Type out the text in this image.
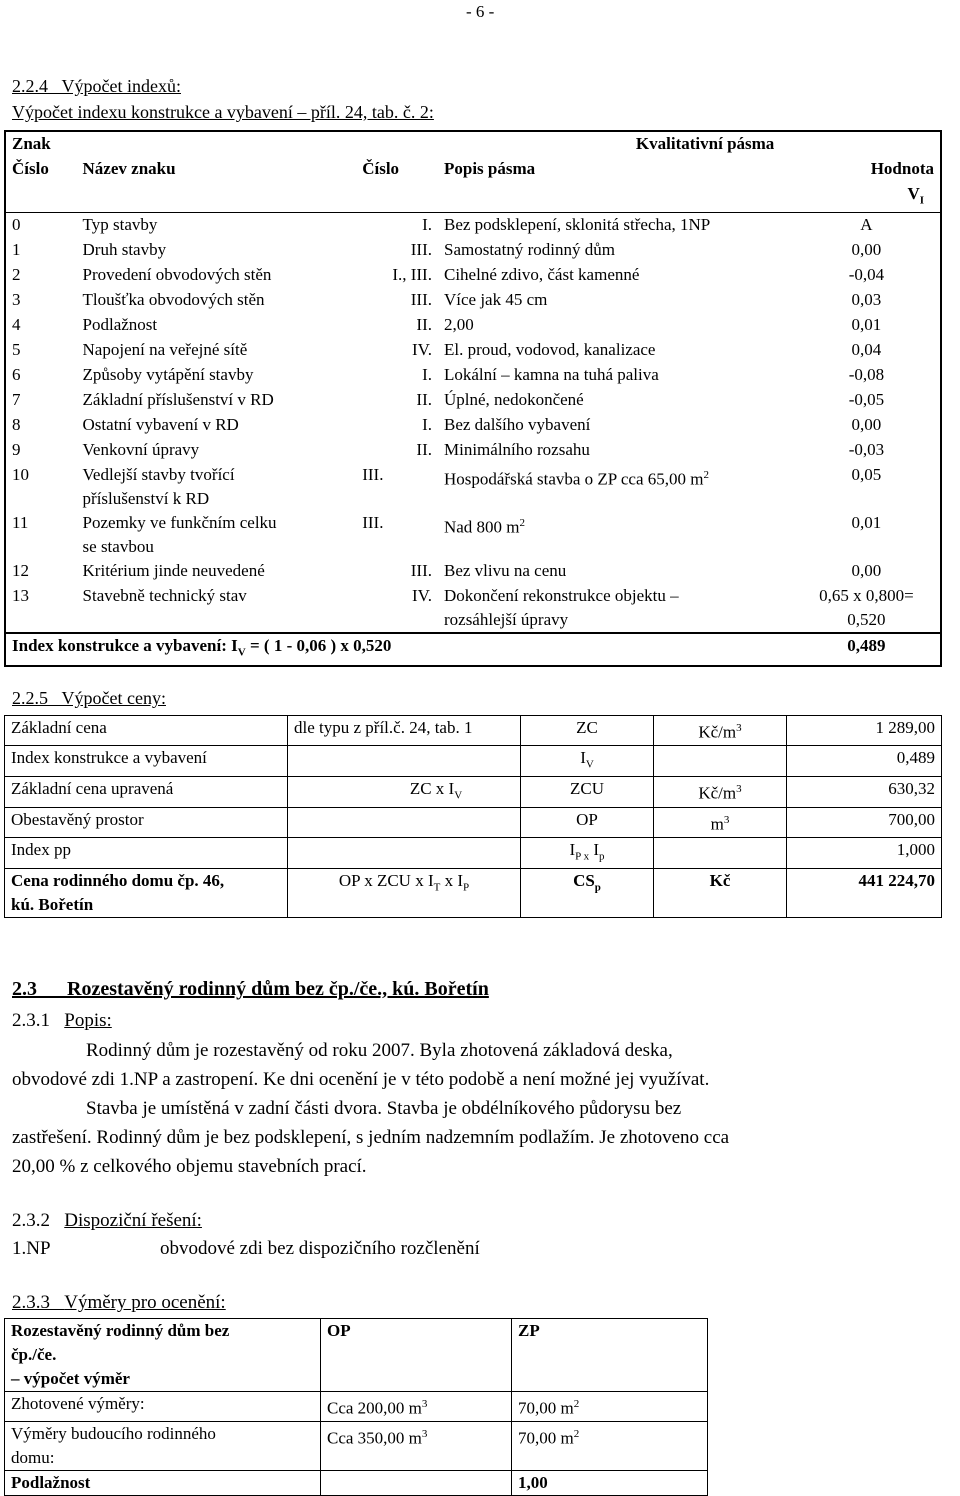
- 6 -
2.2.4 Výpočet indexů:
Výpočet indexu konstrukce a vybavení – příl. 24, tab. č. 2:
Znak		Kvalitativní pásma		
Číslo	Název znaku	Číslo	Popis pásma	Hodnota
				$V_I$
0	Typ stavby	I.	Bez podsklepení, sklonitá střecha, 1NP	A
1	Druh stavby	III.	Samostatný rodinný dům	0,00
2	Provedení obvodových stěn	I., III.	Cihelné zdivo, část kamenné	-0,04
3	Tloušťka obvodových stěn	III.	Více jak 45 cm	0,03
4	Podlažnost	II.	2,00	0,01
5	Napojení na veřejné sítě	IV.	El. proud, vodovod, kanalizace	0,04
6	Způsoby vytápění stavby	I.	Lokální – kamna na tuhá paliva	-0,08
7	Základní příslušenství v RD	II.	Úplné, nedokončené	-0,05
8	Ostatní vybavení v RD	I.	Bez dalšího vybavení	0,00
9	Venkovní úpravy	II.	Minimálního rozsahu	-0,03
10	Vedlejší stavby tvořící
příslušenství k RD	III.	Hospodářská stavba o ZP cca 65,00 $m^2$	0,05
11	Pozemky ve funkčním celku
se stavbou	III.	Nad 800 $m^2$	0,01
12	Kritérium jinde neuvedené	III.	Bez vlivu na cenu	0,00
13	Stavebně technický stav	IV.	Dokončení rekonstrukce objektu –
rozsáhlejší úpravy	0,65 x 0,800=
0,520
Index konstrukce a vybavení: $I_V$ = ( 1 - 0,06 ) x 0,520				0,489
2.2.5 Výpočet ceny:
Základní cena	dle typu z příl.č. 24, tab. 1	ZC	$Kč/m^3$	1 289,00
Index konstrukce a vybavení		$I_V$		0,489
Základní cena upravená	ZC x $I_V$	ZCU	$Kč/m^3$	630,32
Obestavěný prostor		OP	$m^3$	700,00
Index pp		$I_{P x}$ $I_p$		1,000
Cena rodinného domu čp. 46,
kú. Bořetín	OP x ZCU x $I_T$ x $I_P$	$CS_p$	Kč	441 224,70
2.3 Rozestavěný rodinný dům bez čp./če., kú. Bořetín
2.3.1 Popis:
Rodinný dům je rozestavěný od roku 2007. Byla zhotovená základová deska,
obvodové zdi 1.NP a zastropení. Ke dni ocenění je v této podobě a není možné jej využívat.
Stavba je umístěná v zadní části dvora. Stavba je obdélníkového půdorysu bez
zastřešení. Rodinný dům je bez podsklepení, s jedním nadzemním podlažím. Je zhotoveno cca
20,00 % z celkového objemu stavebních prací.
2.3.2 Dispoziční řešení:
1.NP	obvodové zdi bez dispozičního rozčlenění
2.3.3 Výměry pro ocenění:
Rozestavěný rodinný dům bez
čp./če.
– výpočet výměr	OP	ZP
Zhotovené výměry:	Cca 200,00 $m^3$	70,00 $m^2$
Výměry budoucího rodinného
domu:	Cca 350,00 $m^3$	70,00 $m^2$
Podlažnost		1,00
